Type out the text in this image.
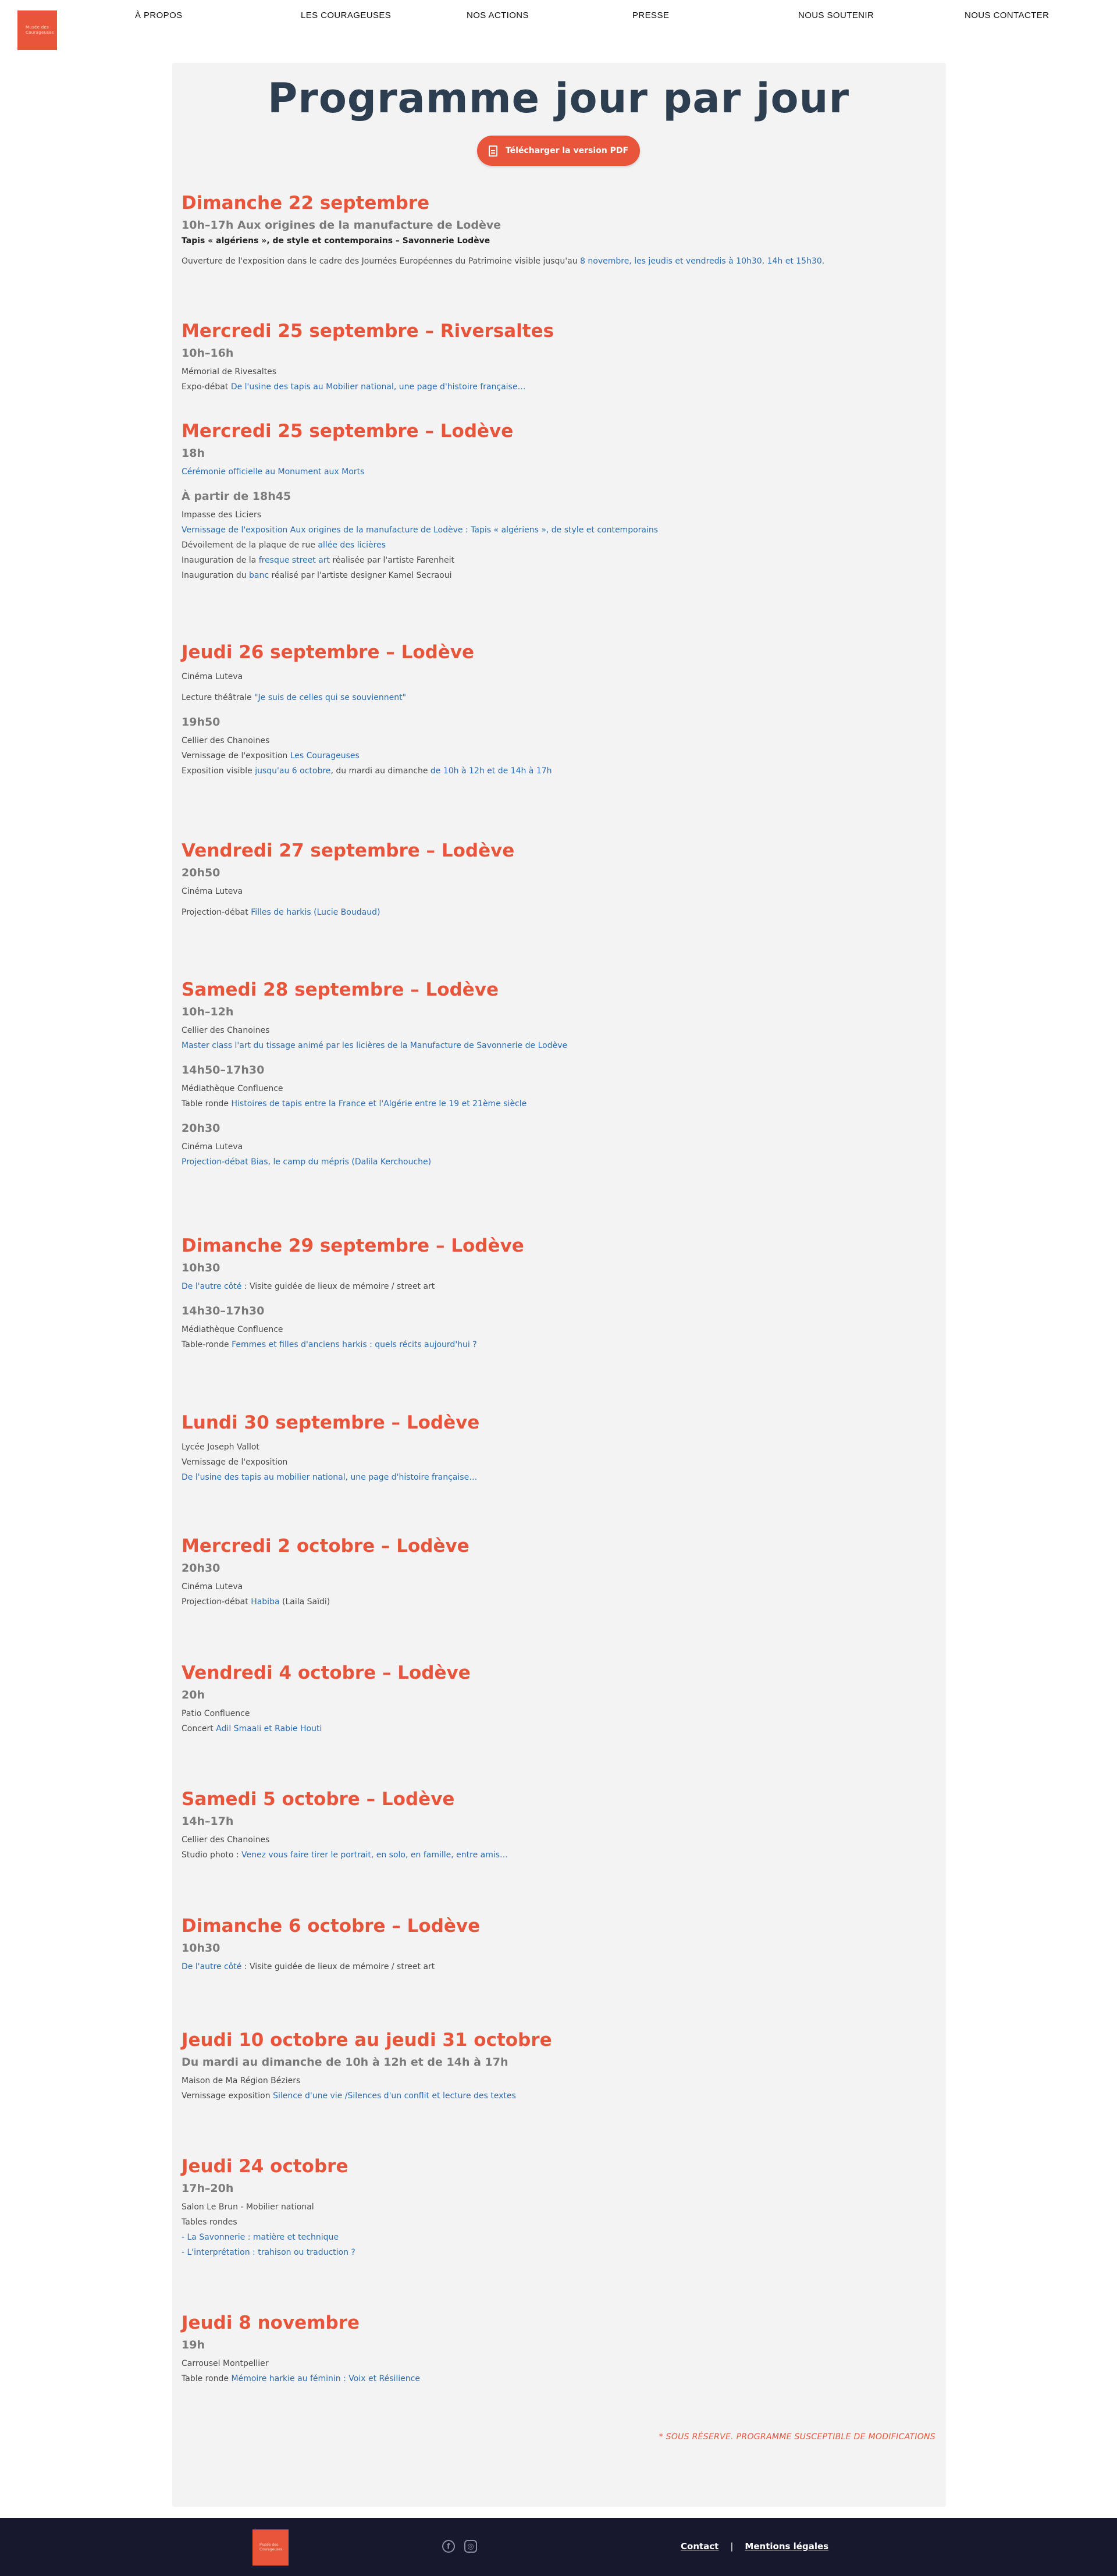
Musée des
Courageuses
À PROPOS	LES COURAGEUSES	NOS ACTIONS	PRESSE	NOUS SOUTENIR	NOUS CONTACTER
Programme jour par jour
Télécharger la version PDF
Dimanche 22 septembre
10h–17h Aux origines de la manufacture de Lodève
Tapis « algériens », de style et contemporains – Savonnerie Lodève

Ouverture de l'exposition dans le cadre des Journées Européennes du Patrimoine visible jusqu'au 8 novembre, les jeudis et vendredis à 10h30, 14h et 15h30.

Mercredi 25 septembre – Riversaltes
10h–16h

Mémorial de Rivesaltes

Expo-débat De l'usine des tapis au Mobilier national, une page d'histoire française…

Mercredi 25 septembre – Lodève
18h

Cérémonie officielle au Monument aux Morts

À partir de 18h45

Impasse des Liciers

Vernissage de l'exposition Aux origines de la manufacture de Lodève : Tapis « algériens », de style et contemporains

Dévoilement de la plaque de rue allée des licières

Inauguration de la fresque street art réalisée par l'artiste Farenheit

Inauguration du banc réalisé par l'artiste designer Kamel Secraoui

Jeudi 26 septembre – Lodève

Cinéma Luteva

Lecture théâtrale "Je suis de celles qui se souviennent"

19h50

Cellier des Chanoines

Vernissage de l'exposition Les Courageuses

Exposition visible jusqu'au 6 octobre, du mardi au dimanche de 10h à 12h et de 14h à 17h

Vendredi 27 septembre – Lodève
20h50

Cinéma Luteva

Projection-débat Filles de harkis (Lucie Boudaud)

Samedi 28 septembre – Lodève
10h–12h

Cellier des Chanoines

Master class l'art du tissage animé par les licières de la Manufacture de Savonnerie de Lodève

14h50–17h30

Médiathèque Confluence

Table ronde Histoires de tapis entre la France et l'Algérie entre le 19 et 21ème siècle

20h30

Cinéma Luteva

Projection-débat Bias, le camp du mépris (Dalila Kerchouche)

Dimanche 29 septembre – Lodève
10h30

De l'autre côté : Visite guidée de lieux de mémoire / street art

14h30–17h30

Médiathèque Confluence

Table-ronde Femmes et filles d'anciens harkis : quels récits aujourd'hui ?

Lundi 30 septembre – Lodève

Lycée Joseph Vallot

Vernissage de l'exposition

De l'usine des tapis au mobilier national, une page d'histoire française…

Mercredi 2 octobre – Lodève
20h30

Cinéma Luteva

Projection-débat Habiba (Laila Saïdi)

Vendredi 4 octobre – Lodève
20h

Patio Confluence

Concert Adil Smaali et Rabie Houti

Samedi 5 octobre – Lodève
14h–17h

Cellier des Chanoines

Studio photo : Venez vous faire tirer le portrait, en solo, en famille, entre amis…

Dimanche 6 octobre – Lodève
10h30

De l'autre côté : Visite guidée de lieux de mémoire / street art

Jeudi 10 octobre au jeudi 31 octobre
Du mardi au dimanche de 10h à 12h et de 14h à 17h

Maison de Ma Région Béziers

Vernissage exposition Silence d'une vie /Silences d'un conflit et lecture des textes

Jeudi 24 octobre
17h–20h

Salon Le Brun - Mobilier national

Tables rondes

- La Savonnerie : matière et technique

- L'interprétation : trahison ou traduction ?

Jeudi 8 novembre
19h

Carrousel Montpellier

Table ronde Mémoire harkie au féminin : Voix et Résilience

* SOUS RÉSERVE. PROGRAMME SUSCEPTIBLE DE MODIFICATIONS
Musée des
Courageuses	f	◎	Contact | Mentions légales
